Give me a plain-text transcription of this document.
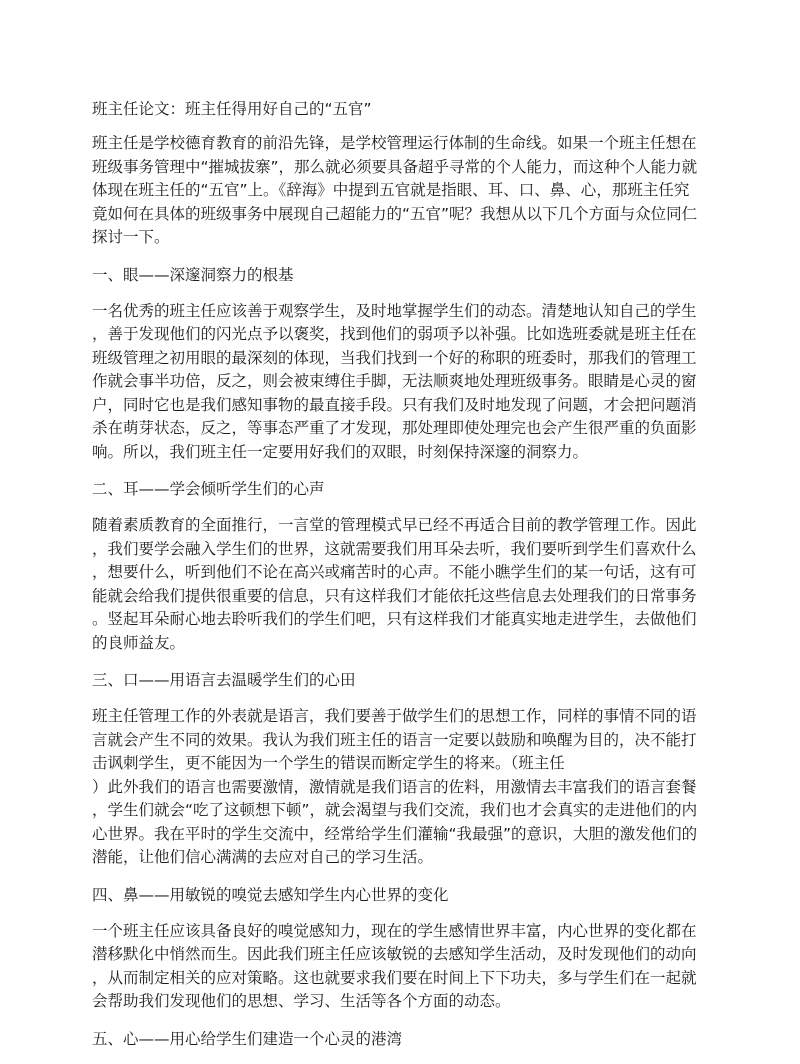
班主任论文：班主任得用好自己的“五官”
班主任是学校德育教育的前沿先锋，是学校管理运行体制的生命线。如果一个班主任想在
班级事务管理中“摧城拔寨”，那么就必须要具备超乎寻常的个人能力，而这种个人能力就
体现在班主任的“五官”上。《辞海》中提到五官就是指眼、耳、口、鼻、心，那班主任究
竟如何在具体的班级事务中展现自己超能力的“五官”呢？我想从以下几个方面与众位同仁
探讨一下。
一、眼——深邃洞察力的根基
一名优秀的班主任应该善于观察学生，及时地掌握学生们的动态。清楚地认知自己的学生
，善于发现他们的闪光点予以褒奖，找到他们的弱项予以补强。比如选班委就是班主任在
班级管理之初用眼的最深刻的体现，当我们找到一个好的称职的班委时，那我们的管理工
作就会事半功倍，反之，则会被束缚住手脚，无法顺爽地处理班级事务。眼睛是心灵的窗
户，同时它也是我们感知事物的最直接手段。只有我们及时地发现了问题，才会把问题消
杀在萌芽状态，反之，等事态严重了才发现，那处理即使处理完也会产生很严重的负面影
响。所以，我们班主任一定要用好我们的双眼，时刻保持深邃的洞察力。
二、耳——学会倾听学生们的心声
随着素质教育的全面推行，一言堂的管理模式早已经不再适合目前的教学管理工作。因此
，我们要学会融入学生们的世界，这就需要我们用耳朵去听，我们要听到学生们喜欢什么
，想要什么，听到他们不论在高兴或痛苦时的心声。不能小瞧学生们的某一句话，这有可
能就会给我们提供很重要的信息，只有这样我们才能依托这些信息去处理我们的日常事务
。竖起耳朵耐心地去聆听我们的学生们吧，只有这样我们才能真实地走进学生，去做他们
的良师益友。
三、口——用语言去温暖学生们的心田
班主任管理工作的外表就是语言，我们要善于做学生们的思想工作，同样的事情不同的语
言就会产生不同的效果。我认为我们班主任的语言一定要以鼓励和唤醒为目的，决不能打
击讽刺学生，更不能因为一个学生的错误而断定学生的将来。（班主任
）此外我们的语言也需要激情，激情就是我们语言的佐料，用激情去丰富我们的语言套餐
，学生们就会“吃了这顿想下顿”，就会渴望与我们交流，我们也才会真实的走进他们的内
心世界。我在平时的学生交流中，经常给学生们灌输“我最强”的意识，大胆的激发他们的
潜能，让他们信心满满的去应对自己的学习生活。
四、鼻——用敏锐的嗅觉去感知学生内心世界的变化
一个班主任应该具备良好的嗅觉感知力，现在的学生感情世界丰富，内心世界的变化都在
潜移默化中悄然而生。因此我们班主任应该敏锐的去感知学生活动，及时发现他们的动向
，从而制定相关的应对策略。这也就要求我们要在时间上下下功夫，多与学生们在一起就
会帮助我们发现他们的思想、学习、生活等各个方面的动态。
五、心——用心给学生们建造一个心灵的港湾
